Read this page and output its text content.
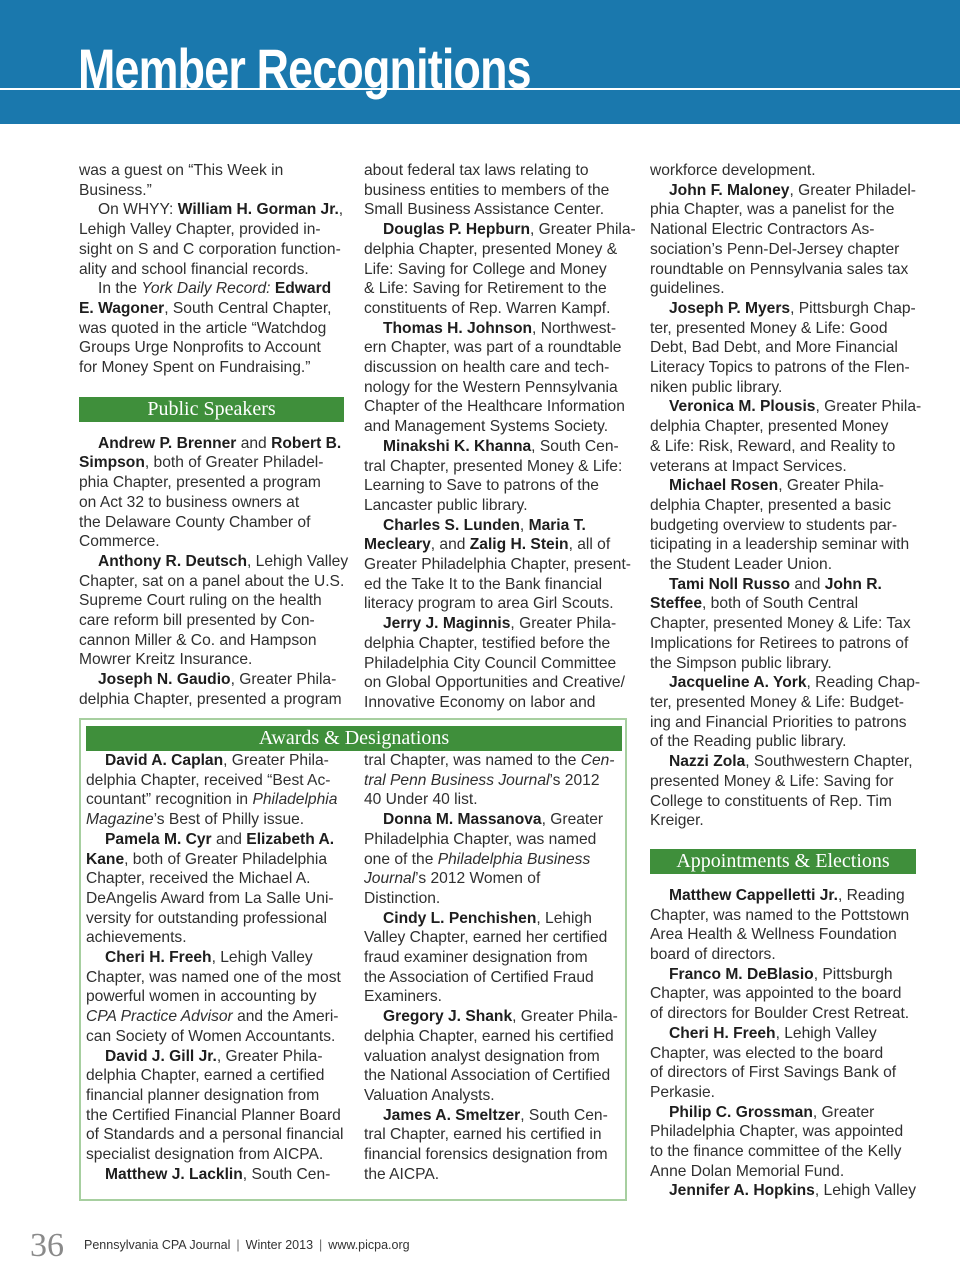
Member Recognitions

was a guest on “This Week in

Business.”

On WHYY: William H. Gorman Jr.,

Lehigh Valley Chapter, provided in-

sight on S and C corporation function-

ality and school financial records.

In the York Daily Record: Edward

E. Wagoner, South Central Chapter,

was quoted in the article “Watchdog

Groups Urge Nonprofits to Account

for Money Spent on Fundraising.”

Public Speakers

Andrew P. Brenner and Robert B.

Simpson, both of Greater Philadel-

phia Chapter, presented a program

on Act 32 to business owners at

the Delaware County Chamber of

Commerce.

Anthony R. Deutsch, Lehigh Valley

Chapter, sat on a panel about the U.S.

Supreme Court ruling on the health

care reform bill presented by Con-

cannon Miller & Co. and Hampson

Mowrer Kreitz Insurance.

Joseph N. Gaudio, Greater Phila-

delphia Chapter, presented a program

about federal tax laws relating to

business entities to members of the

Small Business Assistance Center.

Douglas P. Hepburn, Greater Phila-

delphia Chapter, presented Money &

Life: Saving for College and Money

& Life: Saving for Retirement to the

constituents of Rep. Warren Kampf.

Thomas H. Johnson, Northwest-

ern Chapter, was part of a roundtable

discussion on health care and tech-

nology for the Western Pennsylvania

Chapter of the Healthcare Information

and Management Systems Society.

Minakshi K. Khanna, South Cen-

tral Chapter, presented Money & Life:

Learning to Save to patrons of the

Lancaster public library.

Charles S. Lunden, Maria T.

Mecleary, and Zalig H. Stein, all of

Greater Philadelphia Chapter, present-

ed the Take It to the Bank financial

literacy program to area Girl Scouts.

Jerry J. Maginnis, Greater Phila-

delphia Chapter, testified before the

Philadelphia City Council Committee

on Global Opportunities and Creative/

Innovative Economy on labor and

workforce development.

John F. Maloney, Greater Philadel-

phia Chapter, was a panelist for the

National Electric Contractors As-

sociation’s Penn-Del-Jersey chapter

roundtable on Pennsylvania sales tax

guidelines.

Joseph P. Myers, Pittsburgh Chap-

ter, presented Money & Life: Good

Debt, Bad Debt, and More Financial

Literacy Topics to patrons of the Flen-

niken public library.

Veronica M. Plousis, Greater Phila-

delphia Chapter, presented Money

& Life: Risk, Reward, and Reality to

veterans at Impact Services.

Michael Rosen, Greater Phila-

delphia Chapter, presented a basic

budgeting overview to students par-

ticipating in a leadership seminar with

the Student Leader Union.

Tami Noll Russo and John R.

Steffee, both of South Central

Chapter, presented Money & Life: Tax

Implications for Retirees to patrons of

the Simpson public library.

Jacqueline A. York, Reading Chap-

ter, presented Money & Life: Budget-

ing and Financial Priorities to patrons

of the Reading public library.

Nazzi Zola, Southwestern Chapter,

presented Money & Life: Saving for

College to constituents of Rep. Tim

Kreiger.

Appointments & Elections

Matthew Cappelletti Jr., Reading

Chapter, was named to the Pottstown

Area Health & Wellness Foundation

board of directors.

Franco M. DeBlasio, Pittsburgh

Chapter, was appointed to the board

of directors for Boulder Crest Retreat.

Cheri H. Freeh, Lehigh Valley

Chapter, was elected to the board

of directors of First Savings Bank of

Perkasie.

Philip C. Grossman, Greater

Philadelphia Chapter, was appointed

to the finance committee of the Kelly

Anne Dolan Memorial Fund.

Jennifer A. Hopkins, Lehigh Valley

Awards & Designations

David A. Caplan, Greater Phila-

delphia Chapter, received “Best Ac-

countant” recognition in Philadelphia

Magazine’s Best of Philly issue.

Pamela M. Cyr and Elizabeth A.

Kane, both of Greater Philadelphia

Chapter, received the Michael A.

DeAngelis Award from La Salle Uni-

versity for outstanding professional

achievements.

Cheri H. Freeh, Lehigh Valley

Chapter, was named one of the most

powerful women in accounting by

CPA Practice Advisor and the Ameri-

can Society of Women Accountants.

David J. Gill Jr., Greater Phila-

delphia Chapter, earned a certified

financial planner designation from

the Certified Financial Planner Board

of Standards and a personal financial

specialist designation from AICPA.

Matthew J. Lacklin, South Cen-

tral Chapter, was named to the Cen-

tral Penn Business Journal’s 2012

40 Under 40 list.

Donna M. Massanova, Greater

Philadelphia Chapter, was named

one of the Philadelphia Business

Journal’s 2012 Women of

Distinction.

Cindy L. Penchishen, Lehigh

Valley Chapter, earned her certified

fraud examiner designation from

the Association of Certified Fraud

Examiners.

Gregory J. Shank, Greater Phila-

delphia Chapter, earned his certified

valuation analyst designation from

the National Association of Certified

Valuation Analysts.

James A. Smeltzer, South Cen-

tral Chapter, earned his certified in

financial forensics designation from

the AICPA.

36 Pennsylvania CPA Journal | Winter 2013 | www.picpa.org
